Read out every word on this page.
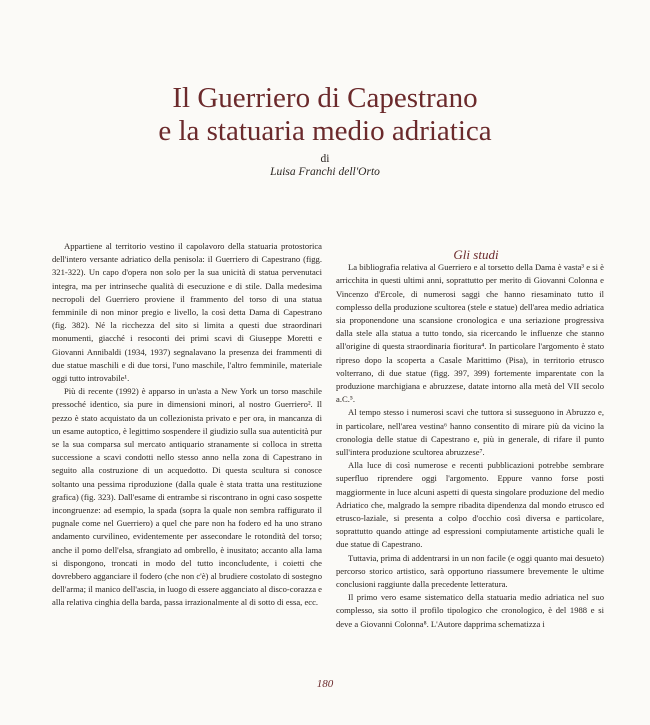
Il Guerriero di Capestrano
e la statuaria medio adriatica
di
Luisa Franchi dell'Orto

Appartiene al territorio vestino il capolavoro della statuaria protostorica dell'intero versante adriatico della penisola: il Guerriero di Capestrano (figg. 321-322). Un capo d'opera non solo per la sua unicità di statua pervenutaci integra, ma per intrinseche qualità di esecuzione e di stile. Dalla medesima necropoli del Guerriero proviene il frammento del torso di una statua femminile di non minor pregio e livello, la così detta Dama di Capestrano (fig. 382). Né la ricchezza del sito si limita a questi due straordinari monumenti, giacché i resoconti dei primi scavi di Giuseppe Moretti e Giovanni Annibaldi (1934, 1937) segnalavano la presenza dei frammenti di due statue maschili e di due torsi, l'uno maschile, l'altro femminile, materiale oggi tutto introvabile¹.

Più di recente (1992) è apparso in un'asta a New York un torso maschile pressoché identico, sia pure in dimensioni minori, al nostro Guerriero². Il pezzo è stato acquistato da un collezionista privato e per ora, in mancanza di un esame autoptico, è legittimo sospendere il giudizio sulla sua autenticità pur se la sua comparsa sul mercato antiquario stranamente si colloca in stretta successione a scavi condotti nello stesso anno nella zona di Capestrano in seguito alla costruzione di un acquedotto. Di questa scultura si conosce soltanto una pessima riproduzione (dalla quale è stata tratta una restituzione grafica) (fig. 323). Dall'esame di entrambe si riscontrano in ogni caso sospette incongruenze: ad esempio, la spada (sopra la quale non sembra raffigurato il pugnale come nel Guerriero) a quel che pare non ha fodero ed ha uno strano andamento curvilineo, evidentemente per assecondare le rotondità del torso; anche il pomo dell'elsa, sfrangiato ad ombrello, è inusitato; accanto alla lama si dispongono, troncati in modo del tutto inconcludente, i coietti che dovrebbero agganciare il fodero (che non c'è) al brudiere costolato di sostegno dell'arma; il manico dell'ascia, in luogo di essere agganciato al disco-corazza e alla relativa cinghia della barda, passa irrazionalmente al di sotto di essa, ecc.

Gli studi

La bibliografia relativa al Guerriero e al torsetto della Dama è vasta³ e si è arricchita in questi ultimi anni, soprattutto per merito di Giovanni Colonna e Vincenzo d'Ercole, di numerosi saggi che hanno riesaminato tutto il complesso della produzione scultorea (stele e statue) dell'area medio adriatica sia proponendone una scansione cronologica e una seriazione progressiva dalla stele alla statua a tutto tondo, sia ricercando le influenze che stanno all'origine di questa straordinaria fioritura⁴. In particolare l'argomento è stato ripreso dopo la scoperta a Casale Marittimo (Pisa), in territorio etrusco volterrano, di due statue (figg. 397, 399) fortemente imparentate con la produzione marchigiana e abruzzese, datate intorno alla metà del VII secolo a.C.⁵.

Al tempo stesso i numerosi scavi che tuttora si susseguono in Abruzzo e, in particolare, nell'area vestina⁶ hanno consentito di mirare più da vicino la cronologia delle statue di Capestrano e, più in generale, di rifare il punto sull'intera produzione scultorea abruzzese⁷.

Alla luce di così numerose e recenti pubblicazioni potrebbe sembrare superfluo riprendere oggi l'argomento. Eppure vanno forse posti maggiormente in luce alcuni aspetti di questa singolare produzione del medio Adriatico che, malgrado la sempre ribadita dipendenza dal mondo etrusco ed etrusco-laziale, si presenta a colpo d'occhio così diversa e particolare, soprattutto quando attinge ad espressioni compiutamente artistiche quali le due statue di Capestrano.

Tuttavia, prima di addentrarsi in un non facile (e oggi quanto mai desueto) percorso storico artistico, sarà opportuno riassumere brevemente le ultime conclusioni raggiunte dalla precedente letteratura.

Il primo vero esame sistematico della statuaria medio adriatica nel suo complesso, sia sotto il profilo tipologico che cronologico, è del 1988 e si deve a Giovanni Colonna⁸. L'Autore dapprima schematizza i

180
